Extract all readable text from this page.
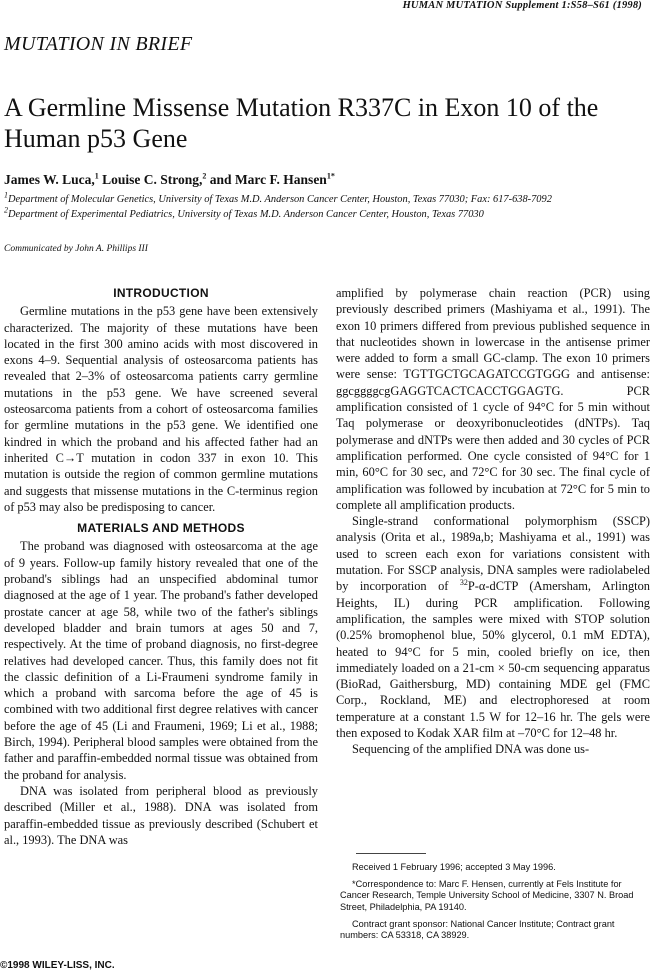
HUMAN MUTATION Supplement 1:S58–S61 (1998)
MUTATION IN BRIEF
A Germline Missense Mutation R337C in Exon 10 of the Human p53 Gene
James W. Luca,$^1$ Louise C. Strong,$^2$ and Marc F. Hansen$^{1*}$
$^1$Department of Molecular Genetics, University of Texas M.D. Anderson Cancer Center, Houston, Texas 77030; Fax: 617-638-7092
$^2$Department of Experimental Pediatrics, University of Texas M.D. Anderson Cancer Center, Houston, Texas 77030
Communicated by John A. Phillips III
INTRODUCTION

Germline mutations in the p53 gene have been extensively characterized. The majority of these mutations have been located in the first 300 amino acids with most discovered in exons 4–9. Sequential analysis of osteosarcoma patients has revealed that 2–3% of osteosarcoma patients carry germline mutations in the p53 gene. We have screened several osteosarcoma patients from a cohort of osteosarcoma families for germline mutations in the p53 gene. We identified one kindred in which the proband and his affected father had an inherited C→T mutation in codon 337 in exon 10. This mutation is outside the region of common germline mutations and suggests that missense mutations in the C-terminus region of p53 may also be predisposing to cancer.

MATERIALS AND METHODS

The proband was diagnosed with osteosarcoma at the age of 9 years. Follow-up family history revealed that one of the proband's siblings had an unspecified abdominal tumor diagnosed at the age of 1 year. The proband's father developed prostate cancer at age 58, while two of the father's siblings developed bladder and brain tumors at ages 50 and 7, respectively. At the time of proband diagnosis, no first-degree relatives had developed cancer. Thus, this family does not fit the classic definition of a Li-Fraumeni syndrome family in which a proband with sarcoma before the age of 45 is combined with two additional first degree relatives with cancer before the age of 45 (Li and Fraumeni, 1969; Li et al., 1988; Birch, 1994). Peripheral blood samples were obtained from the father and paraffin-embedded normal tissue was obtained from the proband for analysis.

DNA was isolated from peripheral blood as previously described (Miller et al., 1988). DNA was isolated from paraffin-embedded tissue as previously described (Schubert et al., 1993). The DNA was

amplified by polymerase chain reaction (PCR) using previously described primers (Mashiyama et al., 1991). The exon 10 primers differed from previous published sequence in that nucleotides shown in lowercase in the antisense primer were added to form a small GC-clamp. The exon 10 primers were sense: TGTTGCTGCAGATCCGTGGG and antisense: ggcggggcgGAGGTCACTCACCTGGAGTG. PCR amplification consisted of 1 cycle of 94°C for 5 min without Taq polymerase or deoxyribonucleotides (dNTPs). Taq polymerase and dNTPs were then added and 30 cycles of PCR amplification performed. One cycle consisted of 94°C for 1 min, 60°C for 30 sec, and 72°C for 30 sec. The final cycle of amplification was followed by incubation at 72°C for 5 min to complete all amplification products.

Single-strand conformational polymorphism (SSCP) analysis (Orita et al., 1989a,b; Mashiyama et al., 1991) was used to screen each exon for variations consistent with mutation. For SSCP analysis, DNA samples were radiolabeled by incorporation of $^{32}$P-α-dCTP (Amersham, Arlington Heights, IL) during PCR amplification. Following amplification, the samples were mixed with STOP solution (0.25% bromophenol blue, 50% glycerol, 0.1 mM EDTA), heated to 94°C for 5 min, cooled briefly on ice, then immediately loaded on a 21-cm × 50-cm sequencing apparatus (BioRad, Gaithersburg, MD) containing MDE gel (FMC Corp., Rockland, ME) and electrophoresed at room temperature at a constant 1.5 W for 12–16 hr. The gels were then exposed to Kodak XAR film at –70°C for 12–48 hr.

Sequencing of the amplified DNA was done us-

Received 1 February 1996; accepted 3 May 1996.

*Correspondence to: Marc F. Hensen, currently at Fels Institute for Cancer Research, Temple University School of Medicine, 3307 N. Broad Street, Philadelphia, PA 19140.

Contract grant sponsor: National Cancer Institute; Contract grant numbers: CA 53318, CA 38929.

©1998 WILEY-LISS, INC.
